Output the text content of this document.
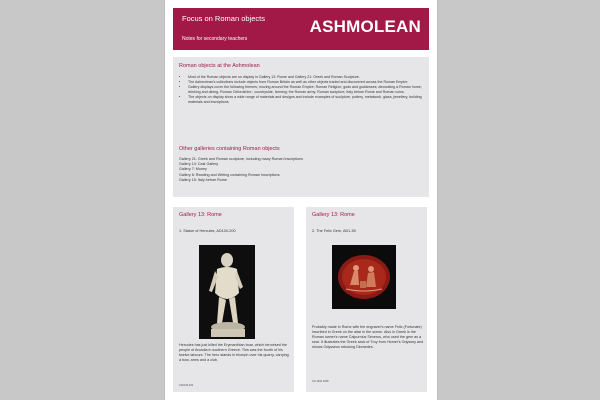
Focus on Roman objects
Notes for secondary teachers
ASHMOLEAN
Roman objects at the Ashmolean
• Most of the Roman objects are on display in Gallery 13: Rome and Gallery 21: Greek and Roman Sculpture.
• The Ashmolean's collections include objects from Roman Britain as well as other objects traded and discovered across the Roman Empire.
• Gallery displays cover the following themes; moving around the Roman Empire; Roman Religion; gods and goddesses; decorating a Roman home; drinking and dining; Roman Oxfordshire ; countryside, farming; the Roman army; Roman sculpture; Italy before Rome and Roman coins.
• The objects on display show a wide range of materials and designs and include examples of sculpture, pottery, metalwork, glass, jewellery, building materials and inscriptions.
Other galleries containing Roman objects
Gallery 21: Greek and Roman sculpture, including many Roman inscriptions
Gallery 14: Cast Gallery
Gallery 7: Money
Gallery 6: Reading and Writing containing Roman Inscriptions
Gallery 15: Italy before Rome
Gallery 13: Rome
1. Statue of Hercules, AD100-200
Hercules has just killed the Erymanthian boar, which terrorised the people of Arcadia in southern Greece. This was the fourth of his twelve labours. The hero stands in triumph over his quarry, carrying a bow, arms and a club.
ANChM.429
Gallery 13: Rome
2. The Felix Gem, AD1-50
Probably made in Rome with the engraver's name Felix (Fortunate) inscribed in Greek on the altar in the scene. Also in Greek is the Roman owner's name Calpurnius Severus, who used the gem as a seal. It illustrates the Greek sack of Troy from Homer's Odyssey and shows Odysseus rebuking Diomedes.
AN 1966.1808
